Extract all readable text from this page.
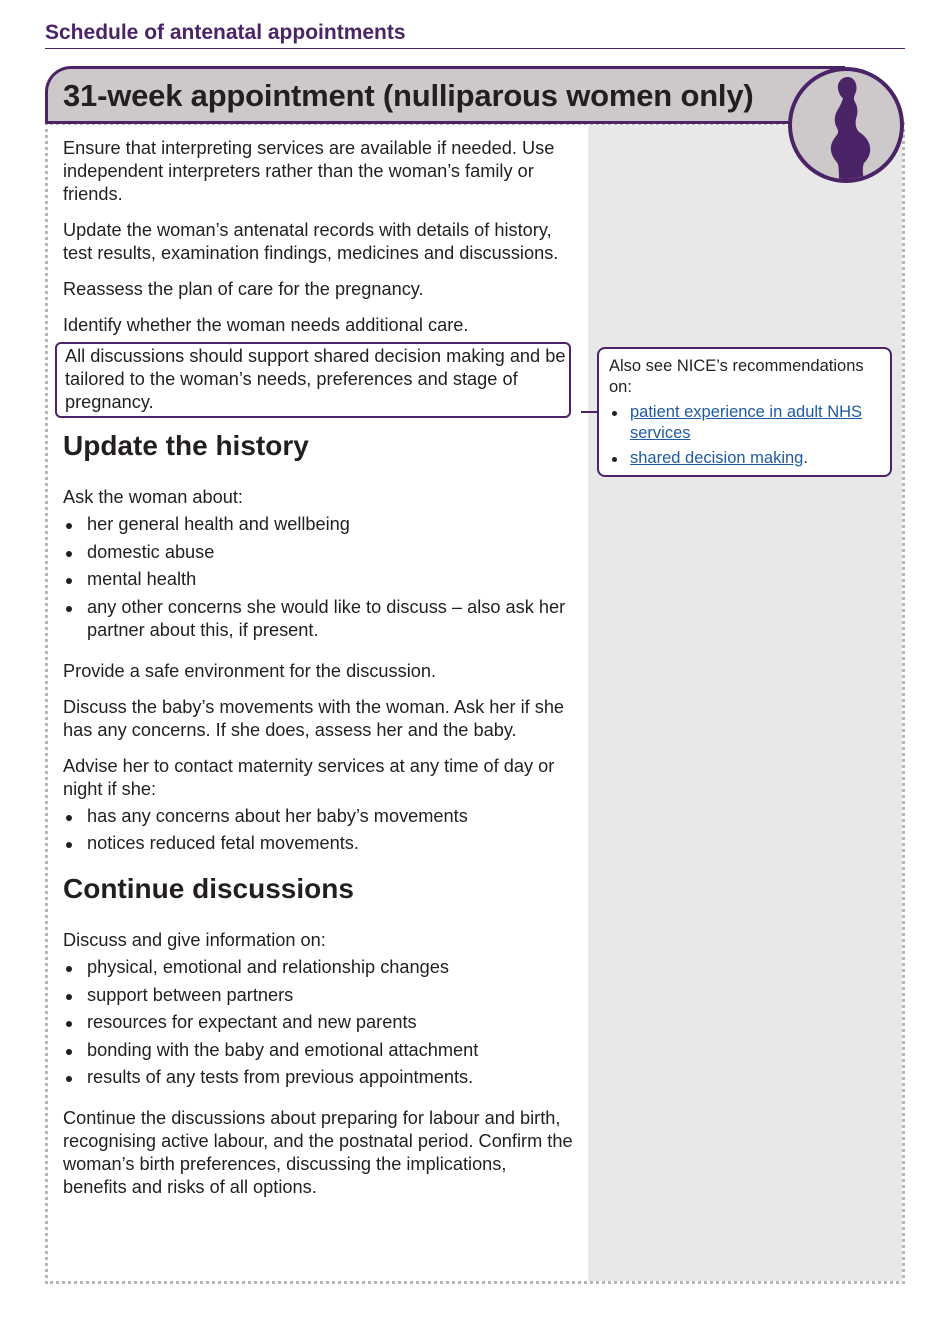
Schedule of antenatal appointments
31-week appointment (nulliparous women only)

Ensure that interpreting services are available if needed. Use independent interpreters rather than the woman’s family or friends.

Update the woman’s antenatal records with details of history, test results, examination findings, medicines and discussions.

Reassess the plan of care for the pregnancy.

Identify whether the woman needs additional care.

All discussions should support shared decision making and be tailored to the woman’s needs, preferences and stage of pregnancy.
Update the history

Ask the woman about:

her general health and wellbeing
domestic abuse
mental health
any other concerns she would like to discuss – also ask her partner about this, if present.

Provide a safe environment for the discussion.

Discuss the baby’s movements with the woman. Ask her if she has any concerns. If she does, assess her and the baby.

Advise her to contact maternity services at any time of day or night if she:

has any concerns about her baby’s movements
notices reduced fetal movements.
Continue discussions

Discuss and give information on:

physical, emotional and relationship changes
support between partners
resources for expectant and new parents
bonding with the baby and emotional attachment
results of any tests from previous appointments.

Continue the discussions about preparing for labour and birth, recognising active labour, and the postnatal period. Confirm the woman’s birth preferences, discussing the implications, benefits and risks of all options.

Also see NICE’s recommendations on:
patient experience in adult NHS services
shared decision making.
